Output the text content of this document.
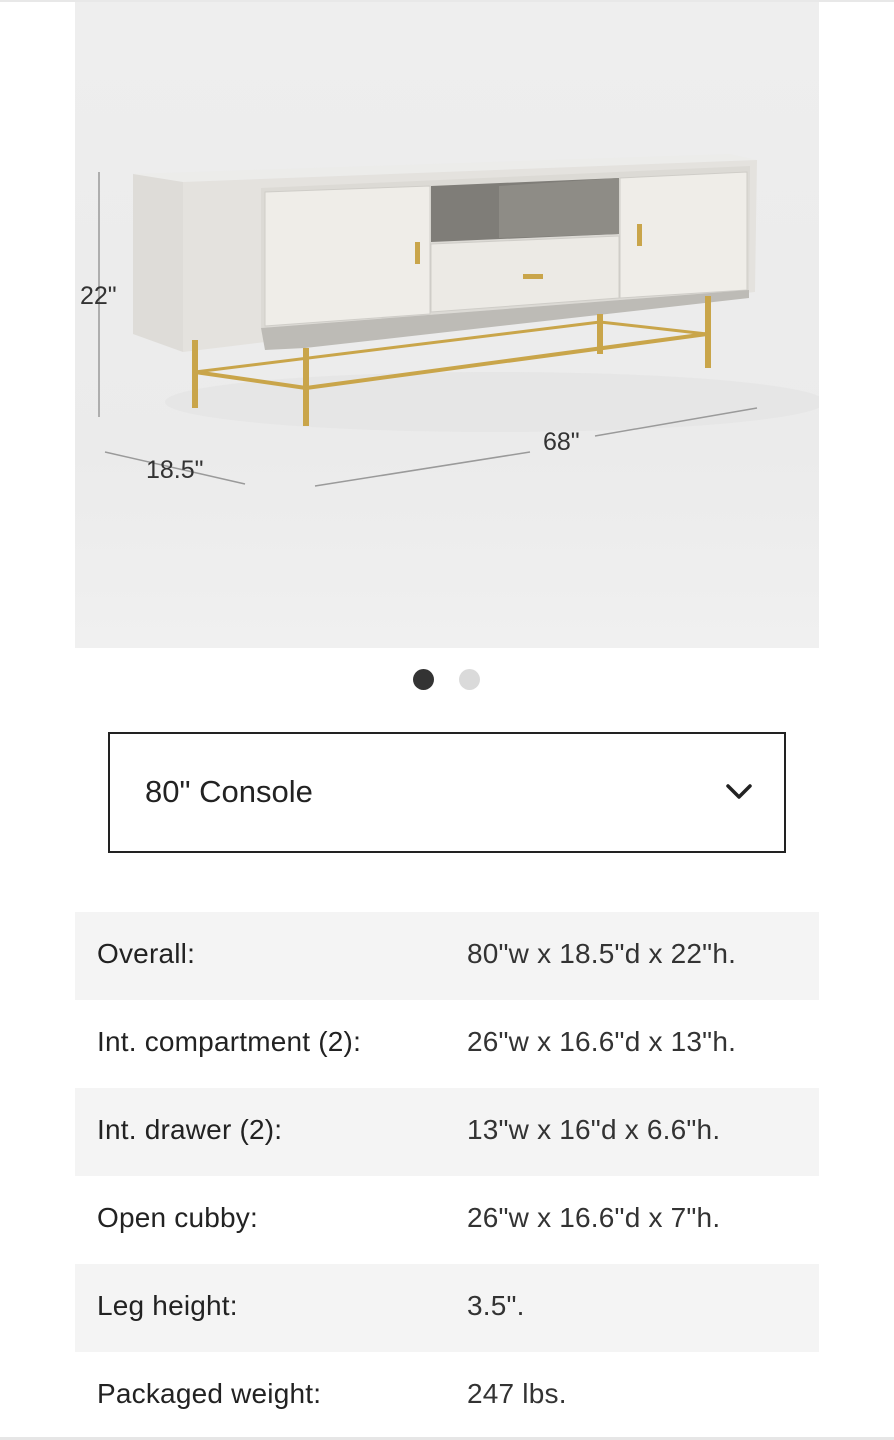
22"
18.5"
68"
80" Console
Overall:	80"w x 18.5"d x 22"h.
Int. compartment (2):	26"w x 16.6"d x 13"h.
Int. drawer (2):	13"w x 16"d x 6.6"h.
Open cubby:	26"w x 16.6"d x 7"h.
Leg height:	3.5".
Packaged weight:	247 lbs.
